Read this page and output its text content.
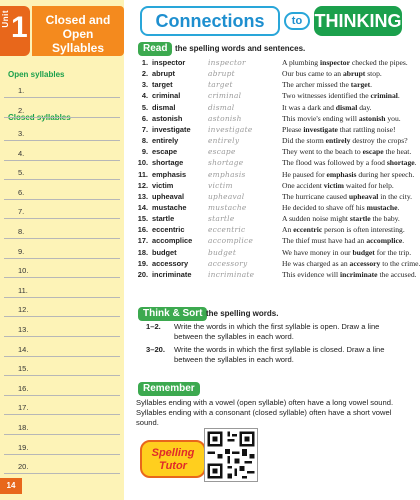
Unit 1	Closed and
Open Syllables
Open syllables
Closed syllables
1.
2.
3.
4.
5.
6.
7.
8.
9.
10.
11.
12.
13.
14.
15.
16.
17.
18.
19.
20.
14
Connections	to THINKING
Read the spelling words and sentences.
1. inspector	inspector	A plumbing inspector checked the pipes.
2. abrupt	abrupt	Our bus came to an abrupt stop.
3. target	target	The archer missed the target.
4. criminal	criminal	Two witnesses identified the criminal.
5. dismal	dismal	It was a dark and dismal day.
6. astonish	astonish	This movie's ending will astonish you.
7. investigate investigate	Please investigate that rattling noise!
8. entirely	entirely	Did the storm entirely destroy the crops?
9. escape	escape	They went to the beach to escape the heat.
10. shortage	shortage	The flood was followed by a food shortage.
11. emphasis	emphasis	He paused for emphasis during her speech.
12. victim	victim	One accident victim waited for help.
13. upheaval	upheaval	The hurricane caused upheaval in the city.
14. mustache	mustache	He decided to shave off his mustache.
15. startle	startle	A sudden noise might startle the baby.
16. eccentric	eccentric	An eccentric person is often interesting.
17. accomplice accomplice	The thief must have had an accomplice.
18. budget	budget	We have money in our budget for the trip.
19. accessory	accessory	He was charged as an accessory to the crime.
20. incriminate incriminate	This evidence will incriminate the accused.
Think & Sort the spelling words.
1–2. Write the words in which the first syllable is open. Draw a line between the syllables in each word.
3–20. Write the words in which the first syllable is closed. Draw a line between the syllables in each word.
Remember
Syllables ending with a vowel (open syllable) often have a long vowel sound. Syllables ending with a consonant (closed syllable) often have a short vowel sound.
Spelling
Tutor
